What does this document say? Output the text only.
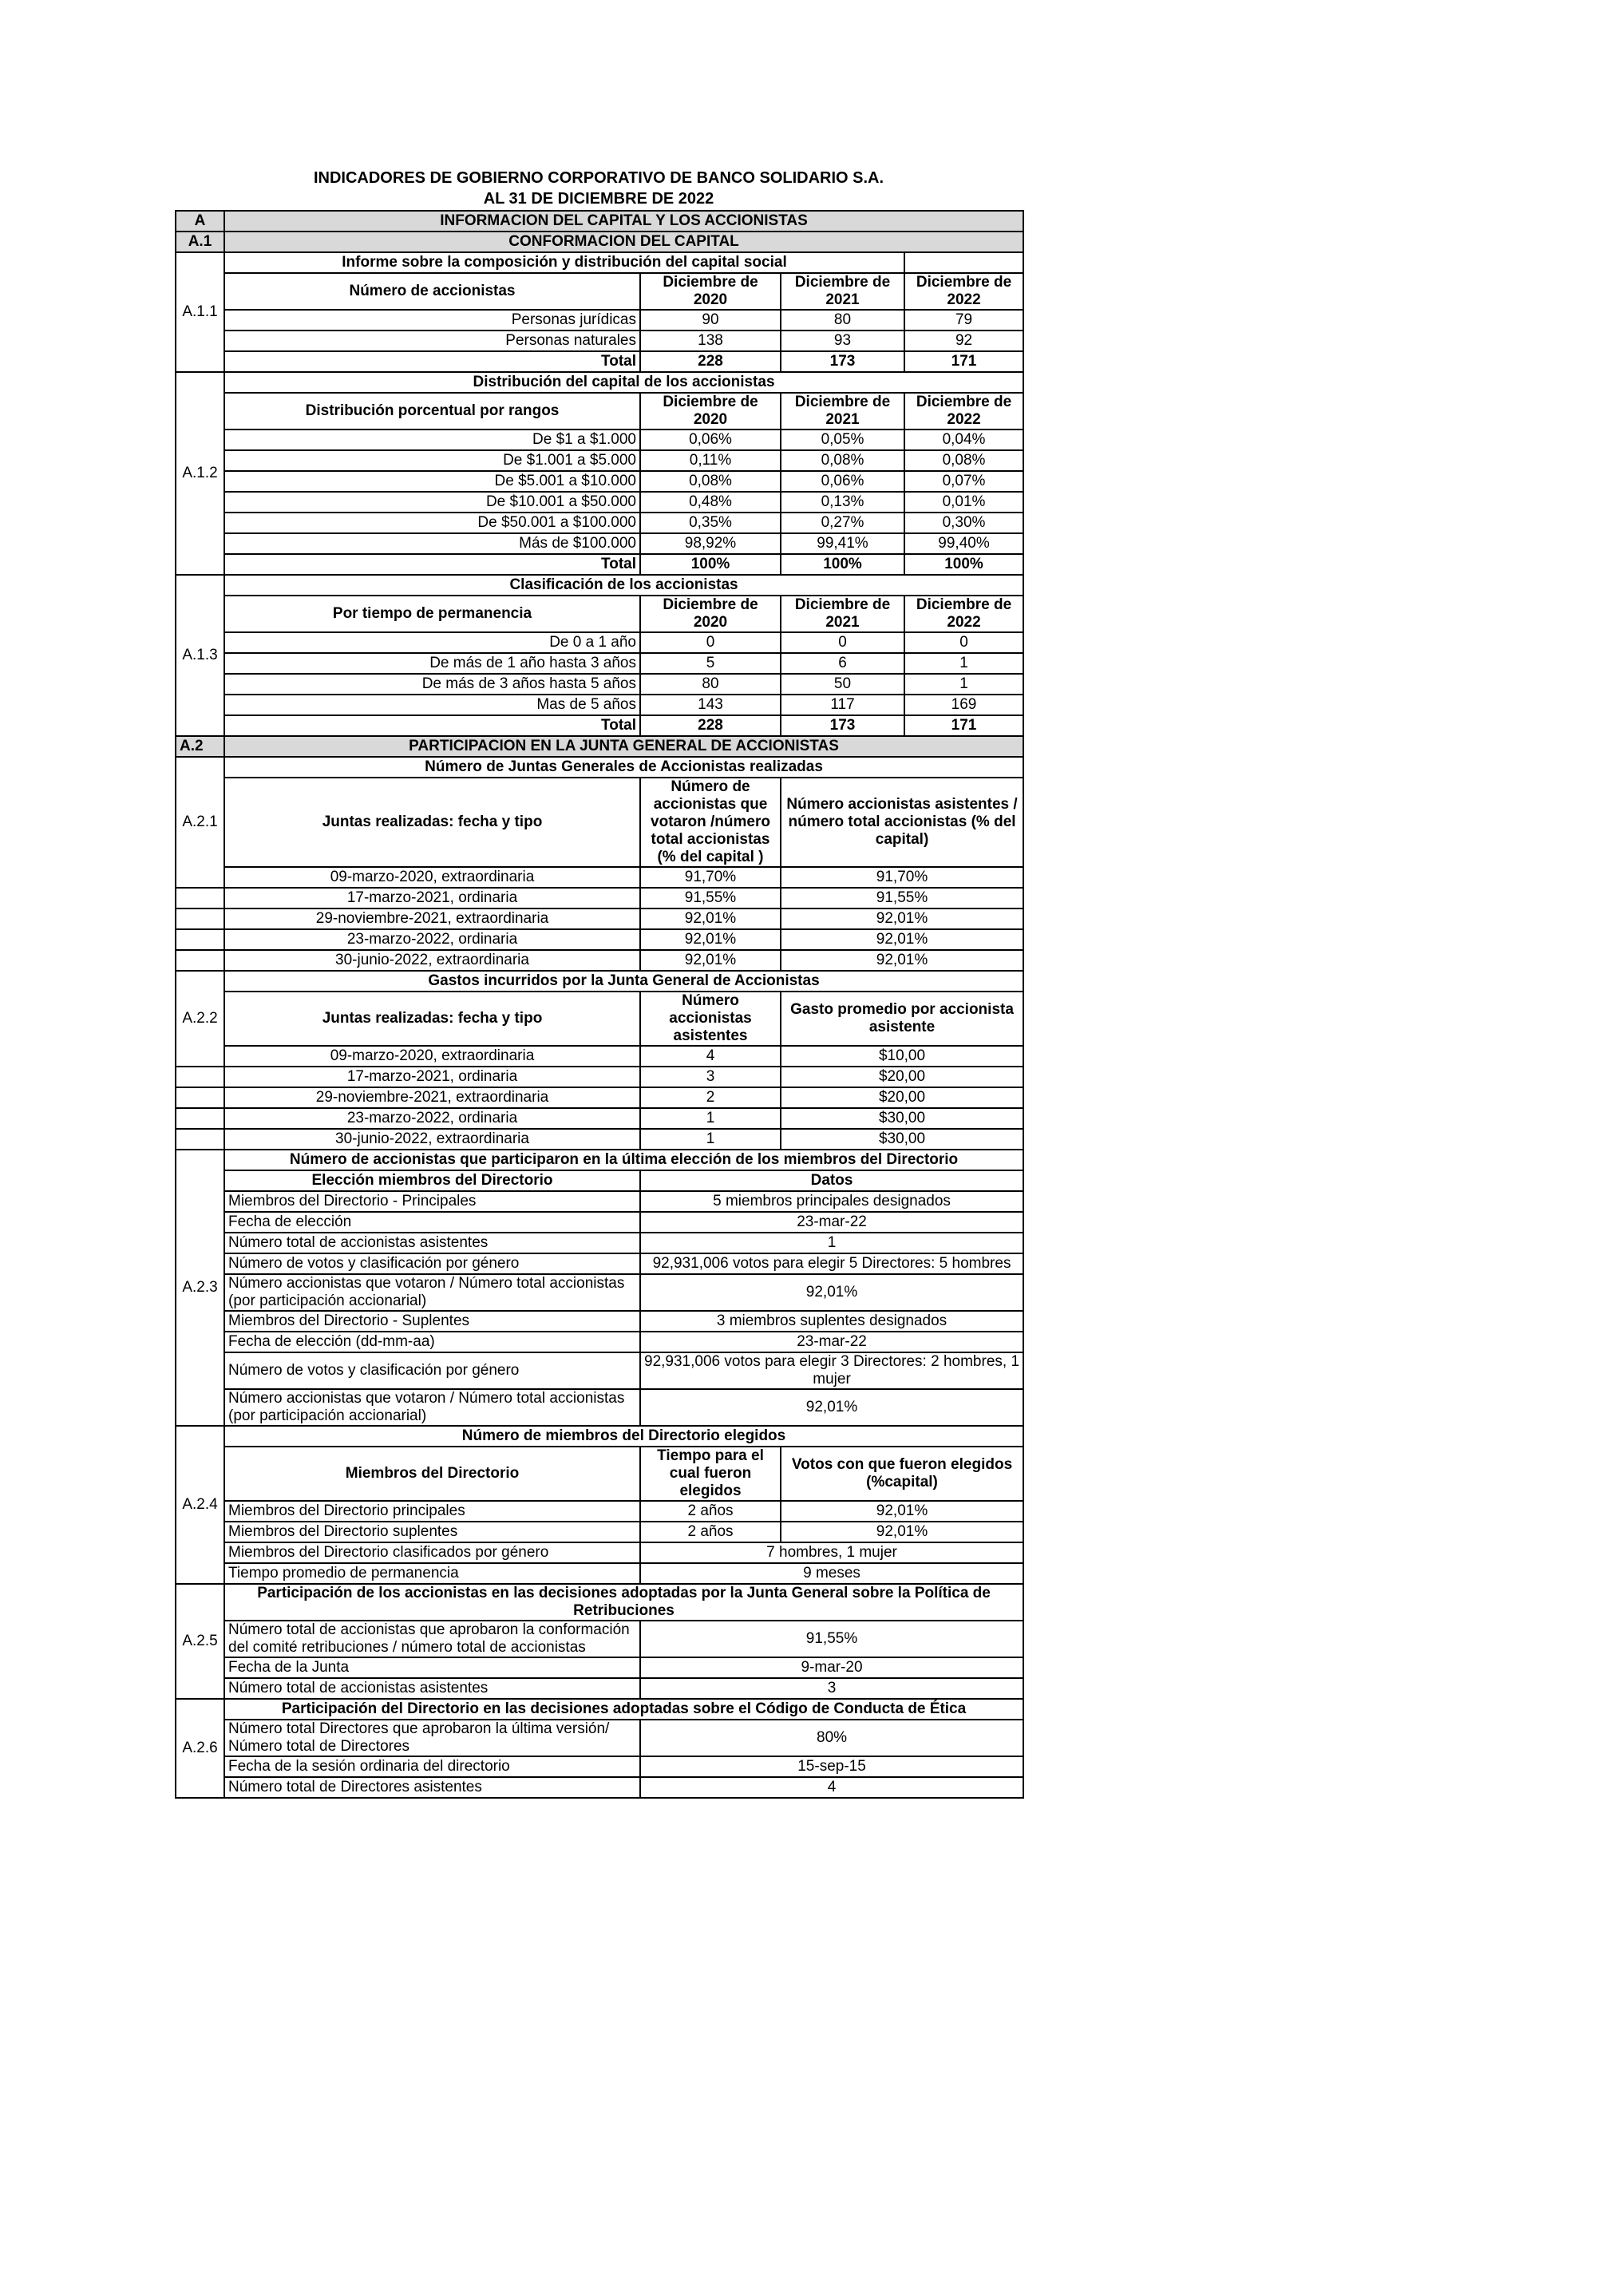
INDICADORES DE GOBIERNO CORPORATIVO DE BANCO SOLIDARIO S.A.
AL 31 DE DICIEMBRE DE 2022
A	INFORMACION DEL CAPITAL Y LOS ACCIONISTAS			
A.1	CONFORMACION DEL CAPITAL			
A.1.1	Informe sobre la composición y distribución del capital social			
	Número de accionistas	Diciembre de 2020	Diciembre de 2021	Diciembre de 2022
	Personas jurídicas	90	80	79
	Personas naturales	138	93	92
	Total	228	173	171
A.1.2	Distribución del capital de los accionistas			
	Distribución porcentual por rangos	Diciembre de 2020	Diciembre de 2021	Diciembre de 2022
	De $1 a $1.000	0,06%	0,05%	0,04%
	De $1.001 a $5.000	0,11%	0,08%	0,08%
	De $5.001 a $10.000	0,08%	0,06%	0,07%
	De $10.001 a $50.000	0,48%	0,13%	0,01%
	De $50.001 a $100.000	0,35%	0,27%	0,30%
	Más de $100.000	98,92%	99,41%	99,40%
	Total	100%	100%	100%
A.1.3	Clasificación de los accionistas			
	Por tiempo de permanencia	Diciembre de 2020	Diciembre de 2021	Diciembre de 2022
	De 0 a 1 año	0	0	0
	De más de 1 año hasta 3 años	5	6	1
	De más de 3 años hasta 5 años	80	50	1
	Mas de 5 años	143	117	169
	Total	228	173	171
A.2	PARTICIPACION EN LA JUNTA GENERAL DE ACCIONISTAS			
A.2.1	Número de Juntas Generales de Accionistas realizadas			
	Juntas realizadas: fecha y tipo	Número de accionistas que votaron /número total accionistas (% del capital )	Número accionistas asistentes / número total accionistas (% del capital)	
	09-marzo-2020, extraordinaria	91,70%	91,70%	
	17-marzo-2021, ordinaria	91,55%	91,55%	
	29-noviembre-2021, extraordinaria	92,01%	92,01%	
	23-marzo-2022, ordinaria	92,01%	92,01%	
	30-junio-2022, extraordinaria	92,01%	92,01%	
A.2.2	Gastos incurridos por la Junta General de Accionistas			
	Juntas realizadas: fecha y tipo	Número accionistas asistentes	Gasto promedio por accionista asistente	
	09-marzo-2020, extraordinaria	4	$10,00	
	17-marzo-2021, ordinaria	3	$20,00	
	29-noviembre-2021, extraordinaria	2	$20,00	
	23-marzo-2022, ordinaria	1	$30,00	
	30-junio-2022, extraordinaria	1	$30,00	
A.2.3	Número de accionistas que participaron en la última elección de los miembros del Directorio			
	Elección miembros del Directorio	Datos		
	Miembros del Directorio - Principales	5 miembros principales designados		
	Fecha de elección	23-mar-22		
	Número total de accionistas asistentes	1		
	Número de votos y clasificación por género	92,931,006 votos para elegir 5 Directores: 5 hombres		
	Número accionistas que votaron / Número total accionistas (por participación accionarial)	92,01%		
	Miembros del Directorio - Suplentes	3 miembros suplentes designados		
	Fecha de elección (dd-mm-aa)	23-mar-22		
	Número de votos y clasificación por género	92,931,006 votos para elegir 3 Directores: 2 hombres, 1 mujer		
	Número accionistas que votaron / Número total accionistas (por participación accionarial)	92,01%		
A.2.4	Número de miembros del Directorio elegidos			
	Miembros del Directorio	Tiempo para el cual fueron elegidos	Votos con que fueron elegidos (%capital)	
	Miembros del Directorio principales	2 años	92,01%	
	Miembros del Directorio suplentes	2 años	92,01%	
	Miembros del Directorio clasificados por género	7 hombres, 1 mujer		
	Tiempo promedio de permanencia	9 meses		
A.2.5	Participación de los accionistas en las decisiones adoptadas por la Junta General sobre la Política de Retribuciones			
	Número total de accionistas que aprobaron la conformación del comité retribuciones / número total de accionistas	91,55%		
	Fecha de la Junta	9-mar-20		
	Número total de accionistas asistentes	3		
A.2.6	Participación del Directorio en las decisiones adoptadas sobre el Código de Conducta de Ética			
	Número total Directores que aprobaron la última versión/ Número total de Directores	80%		
	Fecha de la sesión ordinaria del directorio	15-sep-15		
	Número total de Directores asistentes	4		
